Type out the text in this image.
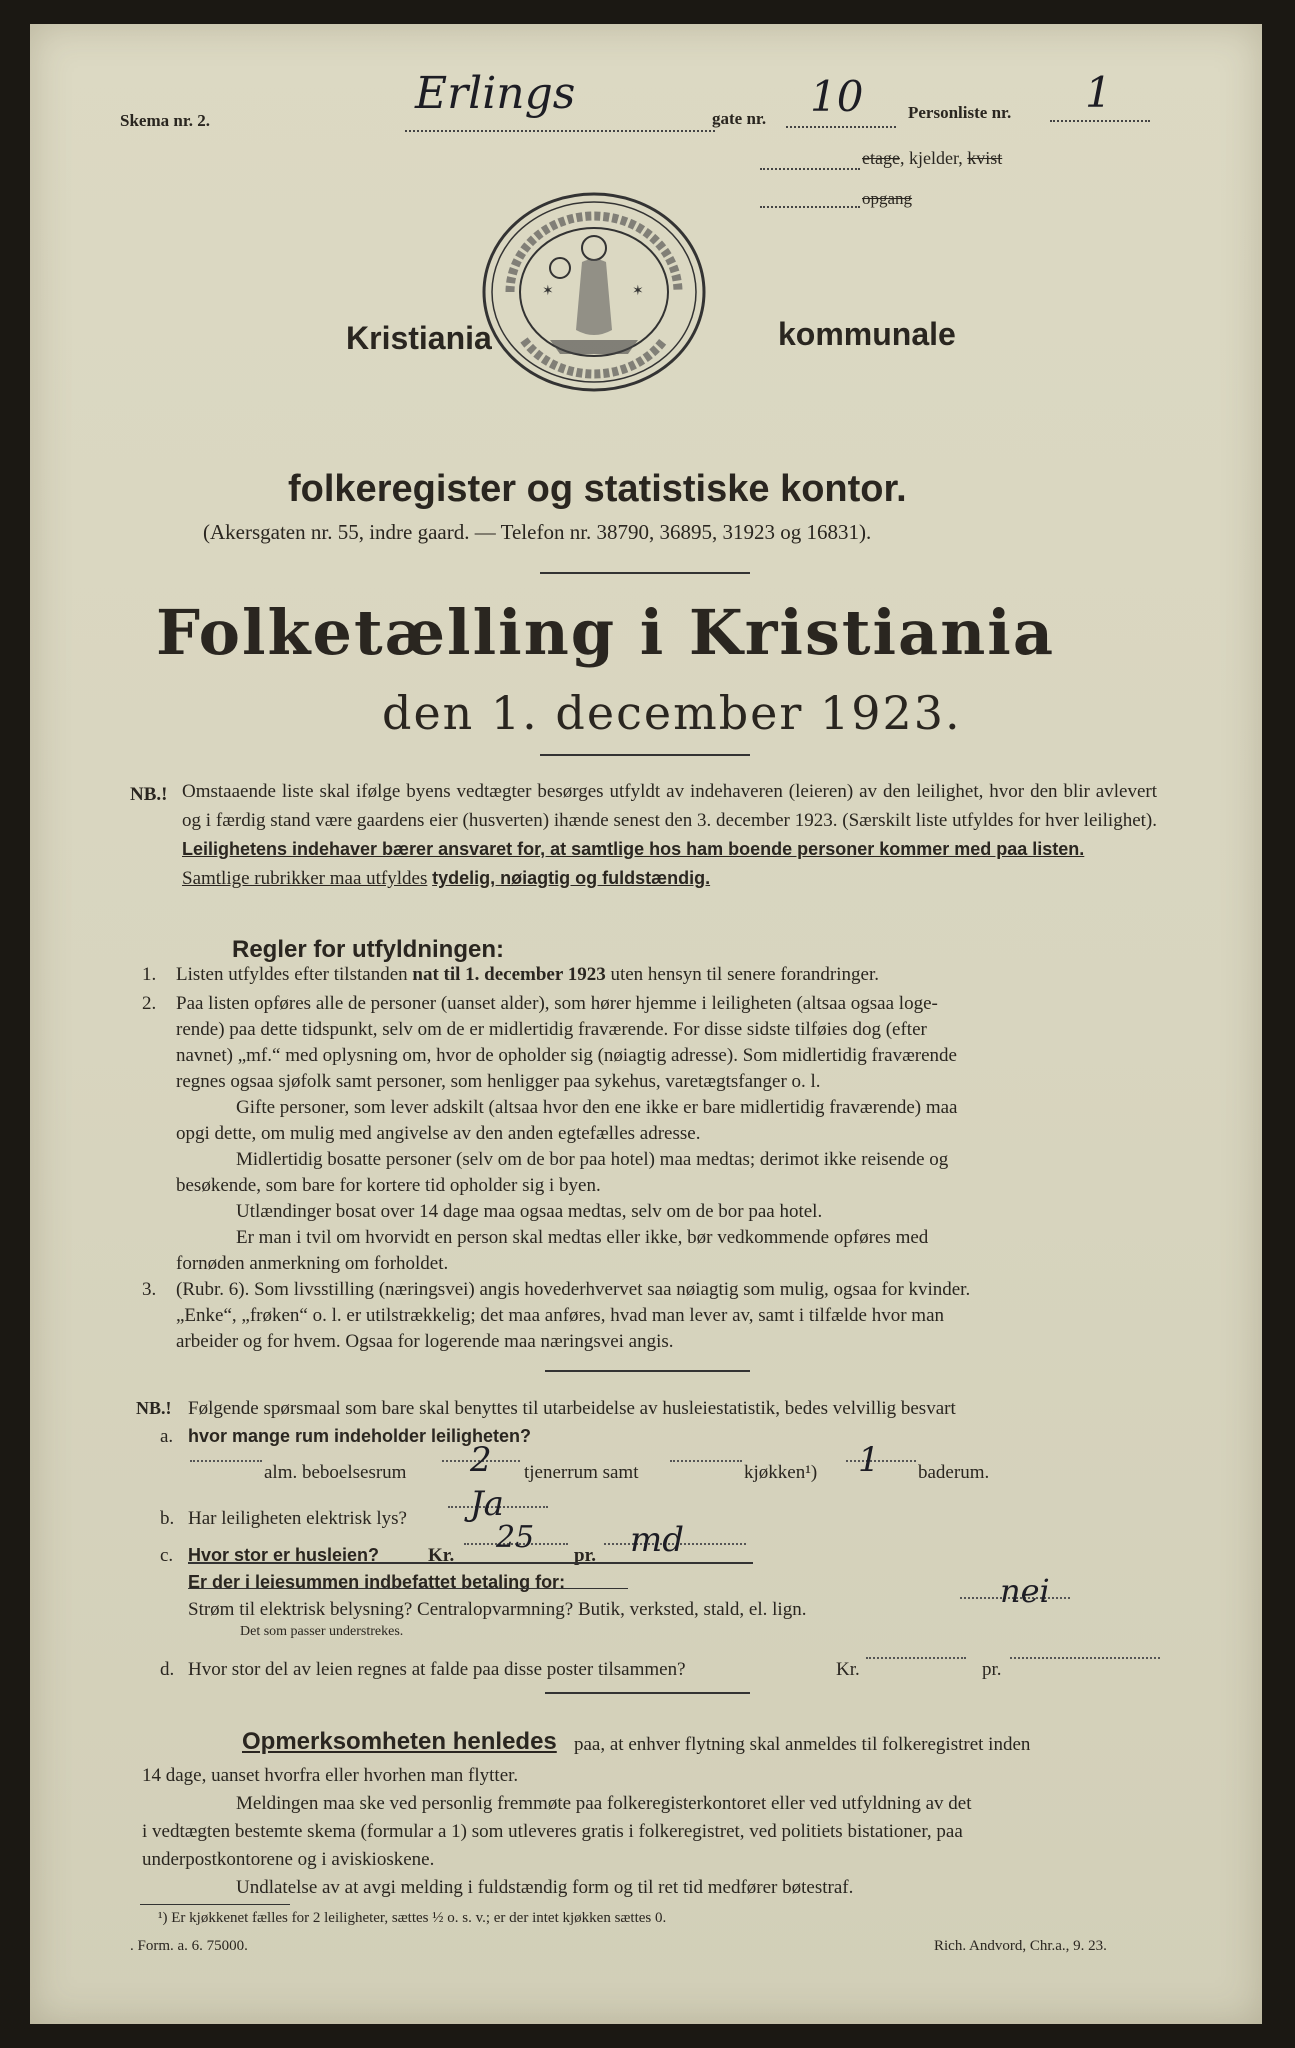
Skema nr. 2.
Erlings	gate nr. 10	Personliste nr. 1
etage, kjelder, kvist
opgang
Kristiania	kommunale
✶	✶
folkeregister og statistiske kontor.
(Akersgaten nr. 55, indre gaard. — Telefon nr. 38790, 36895, 31923 og 16831).
Folketælling i Kristiania
den 1. december 1923.
NB.! Omstaaende liste skal ifølge byens vedtægter besørges utfyldt av indehaveren (leieren) av den leilighet, hvor den blir avlevert og i færdig stand være gaardens eier (husverten) ihænde senest den 3. december 1923. (Særskilt liste utfyldes for hver leilighet). Leilighetens indehaver bærer ansvaret for, at samtlige hos ham boende personer kommer med paa listen.
Samtlige rubrikker maa utfyldes tydelig, nøiagtig og fuldstændig.
Regler for utfyldningen:
1. Listen utfyldes efter tilstanden nat til 1. december 1923 uten hensyn til senere forandringer.
2. Paa listen opføres alle de personer (uanset alder), som hører hjemme i leiligheten (altsaa ogsaa loge-
rende) paa dette tidspunkt, selv om de er midlertidig fraværende. For disse sidste tilføies dog (efter
navnet) „mf.“ med oplysning om, hvor de opholder sig (nøiagtig adresse). Som midlertidig fraværende
regnes ogsaa sjøfolk samt personer, som henligger paa sykehus, varetægtsfanger o. l.
Gifte personer, som lever adskilt (altsaa hvor den ene ikke er bare midlertidig fraværende) maa
opgi dette, om mulig med angivelse av den anden egtefælles adresse.
Midlertidig bosatte personer (selv om de bor paa hotel) maa medtas; derimot ikke reisende og
besøkende, som bare for kortere tid opholder sig i byen.
Utlændinger bosat over 14 dage maa ogsaa medtas, selv om de bor paa hotel.
Er man i tvil om hvorvidt en person skal medtas eller ikke, bør vedkommende opføres med
fornøden anmerkning om forholdet.
3. (Rubr. 6). Som livsstilling (næringsvei) angis hovederhvervet saa nøiagtig som mulig, ogsaa for kvinder.
„Enke“, „frøken“ o. l. er utilstrækkelig; det maa anføres, hvad man lever av, samt i tilfælde hvor man
arbeider og for hvem. Ogsaa for logerende maa næringsvei angis.
NB.! Følgende spørsmaal som bare skal benyttes til utarbeidelse av husleiestatistik, bedes velvillig besvart
a. hvor mange rum indeholder leiligheten?
alm. beboelsesrum 2 tjenerrum samt	kjøkken¹) 1 baderum.
b. Har leiligheten elektrisk lys? Ja
c. Hvor stor er husleien?	Kr.
25
pr. md
Er der i leiesummen indbefattet betaling for:
Strøm til elektrisk belysning? Centralopvarmning? Butik, verksted, stald, el. lign.	nei
Det som passer understrekes.
d. Hvor stor del av leien regnes at falde paa disse poster tilsammen?	Kr.	pr.
Opmerksomheten henledes paa, at enhver flytning skal anmeldes til folkeregistret inden
14 dage, uanset hvorfra eller hvorhen man flytter.
Meldingen maa ske ved personlig fremmøte paa folkeregisterkontoret eller ved utfyldning av det
i vedtægten bestemte skema (formular a 1) som utleveres gratis i folkeregistret, ved politiets bistationer, paa
underpostkontorene og i aviskioskene.
Undlatelse av at avgi melding i fuldstændig form og til ret tid medfører bøtestraf.
¹) Er kjøkkenet fælles for 2 leiligheter, sættes ½ o. s. v.; er der intet kjøkken sættes 0.
. Form. a. 6. 75000.	Rich. Andvord, Chr.a., 9. 23.
